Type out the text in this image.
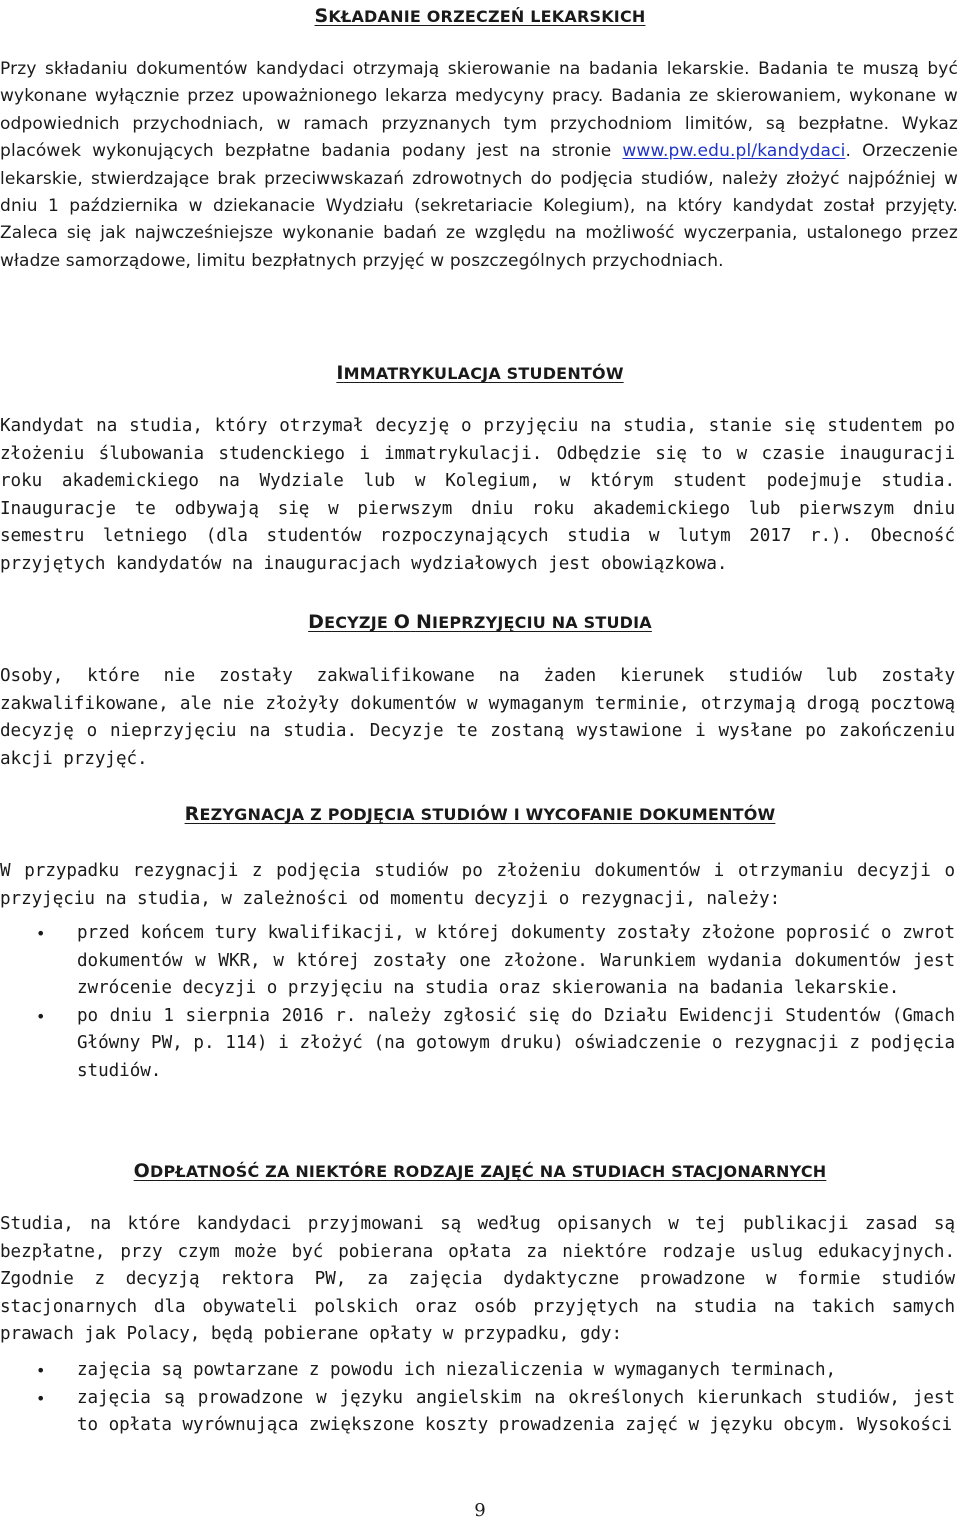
SKŁADANIE ORZECZEŃ LEKARSKICH

Przy składaniu dokumentów kandydaci otrzymają skierowanie na badania lekarskie. Badania te muszą być wykonane wyłącznie przez upoważnionego lekarza medycyny pracy. Badania ze skierowaniem, wykonane w odpowiednich przychodniach, w ramach przyznanych tym przychodniom limitów, są bezpłatne. Wykaz placówek wykonujących bezpłatne badania podany jest na stronie www.pw.edu.pl/kandydaci. Orzeczenie lekarskie, stwierdzające brak przeciwwskazań zdrowotnych do podjęcia studiów, należy złożyć najpóźniej w dniu 1 października w dziekanacie Wydziału (sekretariacie Kolegium), na który kandydat został przyjęty. Zaleca się jak najwcześniejsze wykonanie badań ze względu na możliwość wyczerpania, ustalonego przez władze samorządowe, limitu bezpłatnych przyjęć w poszczególnych przychodniach.

IMMATRYKULACJA STUDENTÓW

Kandydat na studia, który otrzymał decyzję o przyjęciu na studia, stanie się studentem po złożeniu ślubowania studenckiego i immatrykulacji. Odbędzie się to w czasie inauguracji roku akademickiego na Wydziale lub w Kolegium, w którym student podejmuje studia. Inauguracje te odbywają się w pierwszym dniu roku akademickiego lub pierwszym dniu semestru letniego (dla studentów rozpoczynających studia w lutym 2017 r.). Obecność przyjętych kandydatów na inauguracjach wydziałowych jest obowiązkowa.

DECYZJE O NIEPRZYJĘCIU NA STUDIA

Osoby, które nie zostały zakwalifikowane na żaden kierunek studiów lub zostały zakwalifikowane, ale nie złożyły dokumentów w wymaganym terminie, otrzymają drogą pocztową decyzję o nieprzyjęciu na studia. Decyzje te zostaną wystawione i wysłane po zakończeniu akcji przyjęć.

REZYGNACJA Z PODJĘCIA STUDIÓW I WYCOFANIE DOKUMENTÓW

W przypadku rezygnacji z podjęcia studiów po złożeniu dokumentów i otrzymaniu decyzji o przyjęciu na studia, w zależności od momentu decyzji o rezygnacji, należy:

• przed końcem tury kwalifikacji, w której dokumenty zostały złożone poprosić o zwrot dokumentów w WKR, w której zostały one złożone. Warunkiem wydania dokumentów jest zwrócenie decyzji o przyjęciu na studia oraz skierowania na badania lekarskie.
• po dniu 1 sierpnia 2016 r. należy zgłosić się do Działu Ewidencji Studentów (Gmach Główny PW, p. 114) i złożyć (na gotowym druku) oświadczenie o rezygnacji z podjęcia studiów.
ODPŁATNOŚĆ ZA NIEKTÓRE RODZAJE ZAJĘĆ NA STUDIACH STACJONARNYCH

Studia, na które kandydaci przyjmowani są według opisanych w tej publikacji zasad są bezpłatne, przy czym może być pobierana opłata za niektóre rodzaje uslug edukacyjnych. Zgodnie z decyzją rektora PW, za zajęcia dydaktyczne prowadzone w formie studiów stacjonarnych dla obywateli polskich oraz osób przyjętych na studia na takich samych prawach jak Polacy, będą pobierane opłaty w przypadku, gdy:

• zajęcia są powtarzane z powodu ich niezaliczenia w wymaganych terminach,
• zajęcia są prowadzone w języku angielskim na określonych kierunkach studiów, jest to opłata wyrównująca zwiększone koszty prowadzenia zajęć w języku obcym. Wysokości
9
